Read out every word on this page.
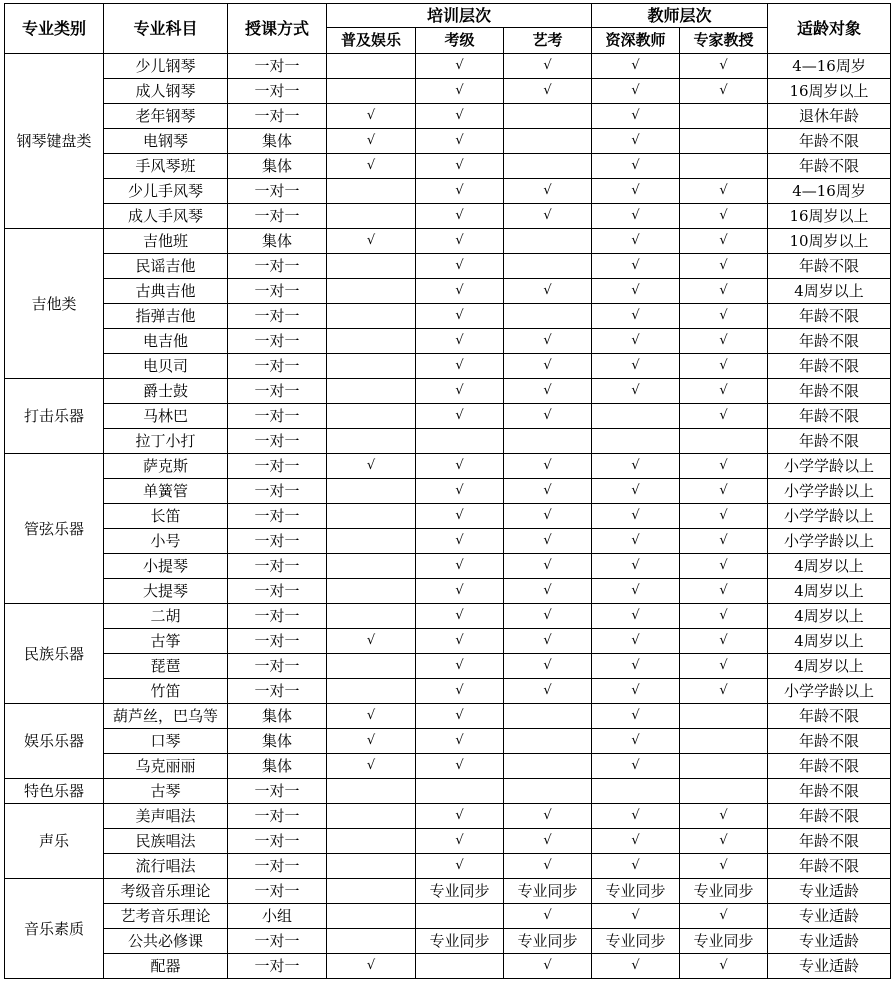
专业类别	专业科目	授课方式	培训层次			教师层次		适龄对象
			普及娱乐	考级	艺考	资深教师	专家教授	
钢琴键盘类	少儿钢琴	一对一		√	√	√	√	4—16周岁
	成人钢琴	一对一		√	√	√	√	16周岁以上
	老年钢琴	一对一	√	√		√		退休年龄
	电钢琴	集体	√	√		√		年龄不限
	手风琴班	集体	√	√		√		年龄不限
	少儿手风琴	一对一		√	√	√	√	4—16周岁
	成人手风琴	一对一		√	√	√	√	16周岁以上
吉他类	吉他班	集体	√	√		√	√	10周岁以上
	民谣吉他	一对一		√		√	√	年龄不限
	古典吉他	一对一		√	√	√	√	4周岁以上
	指弹吉他	一对一		√		√	√	年龄不限
	电吉他	一对一		√	√	√	√	年龄不限
	电贝司	一对一		√	√	√	√	年龄不限
打击乐器	爵士鼓	一对一		√	√	√	√	年龄不限
	马林巴	一对一		√	√		√	年龄不限
	拉丁小打	一对一						年龄不限
管弦乐器	萨克斯	一对一	√	√	√	√	√	小学学龄以上
	单簧管	一对一		√	√	√	√	小学学龄以上
	长笛	一对一		√	√	√	√	小学学龄以上
	小号	一对一		√	√	√	√	小学学龄以上
	小提琴	一对一		√	√	√	√	4周岁以上
	大提琴	一对一		√	√	√	√	4周岁以上
民族乐器	二胡	一对一		√	√	√	√	4周岁以上
	古筝	一对一	√	√	√	√	√	4周岁以上
	琵琶	一对一		√	√	√	√	4周岁以上
	竹笛	一对一		√	√	√	√	小学学龄以上
娱乐乐器	葫芦丝，巴乌等	集体	√	√		√		年龄不限
	口琴	集体	√	√		√		年龄不限
	乌克丽丽	集体	√	√		√		年龄不限
特色乐器	古琴	一对一						年龄不限
声乐	美声唱法	一对一		√	√	√	√	年龄不限
	民族唱法	一对一		√	√	√	√	年龄不限
	流行唱法	一对一		√	√	√	√	年龄不限
音乐素质	考级音乐理论	一对一		专业同步	专业同步	专业同步	专业同步	专业适龄
	艺考音乐理论	小组			√	√	√	专业适龄
	公共必修课	一对一		专业同步	专业同步	专业同步	专业同步	专业适龄
	配器	一对一	√		√	√	√	专业适龄
